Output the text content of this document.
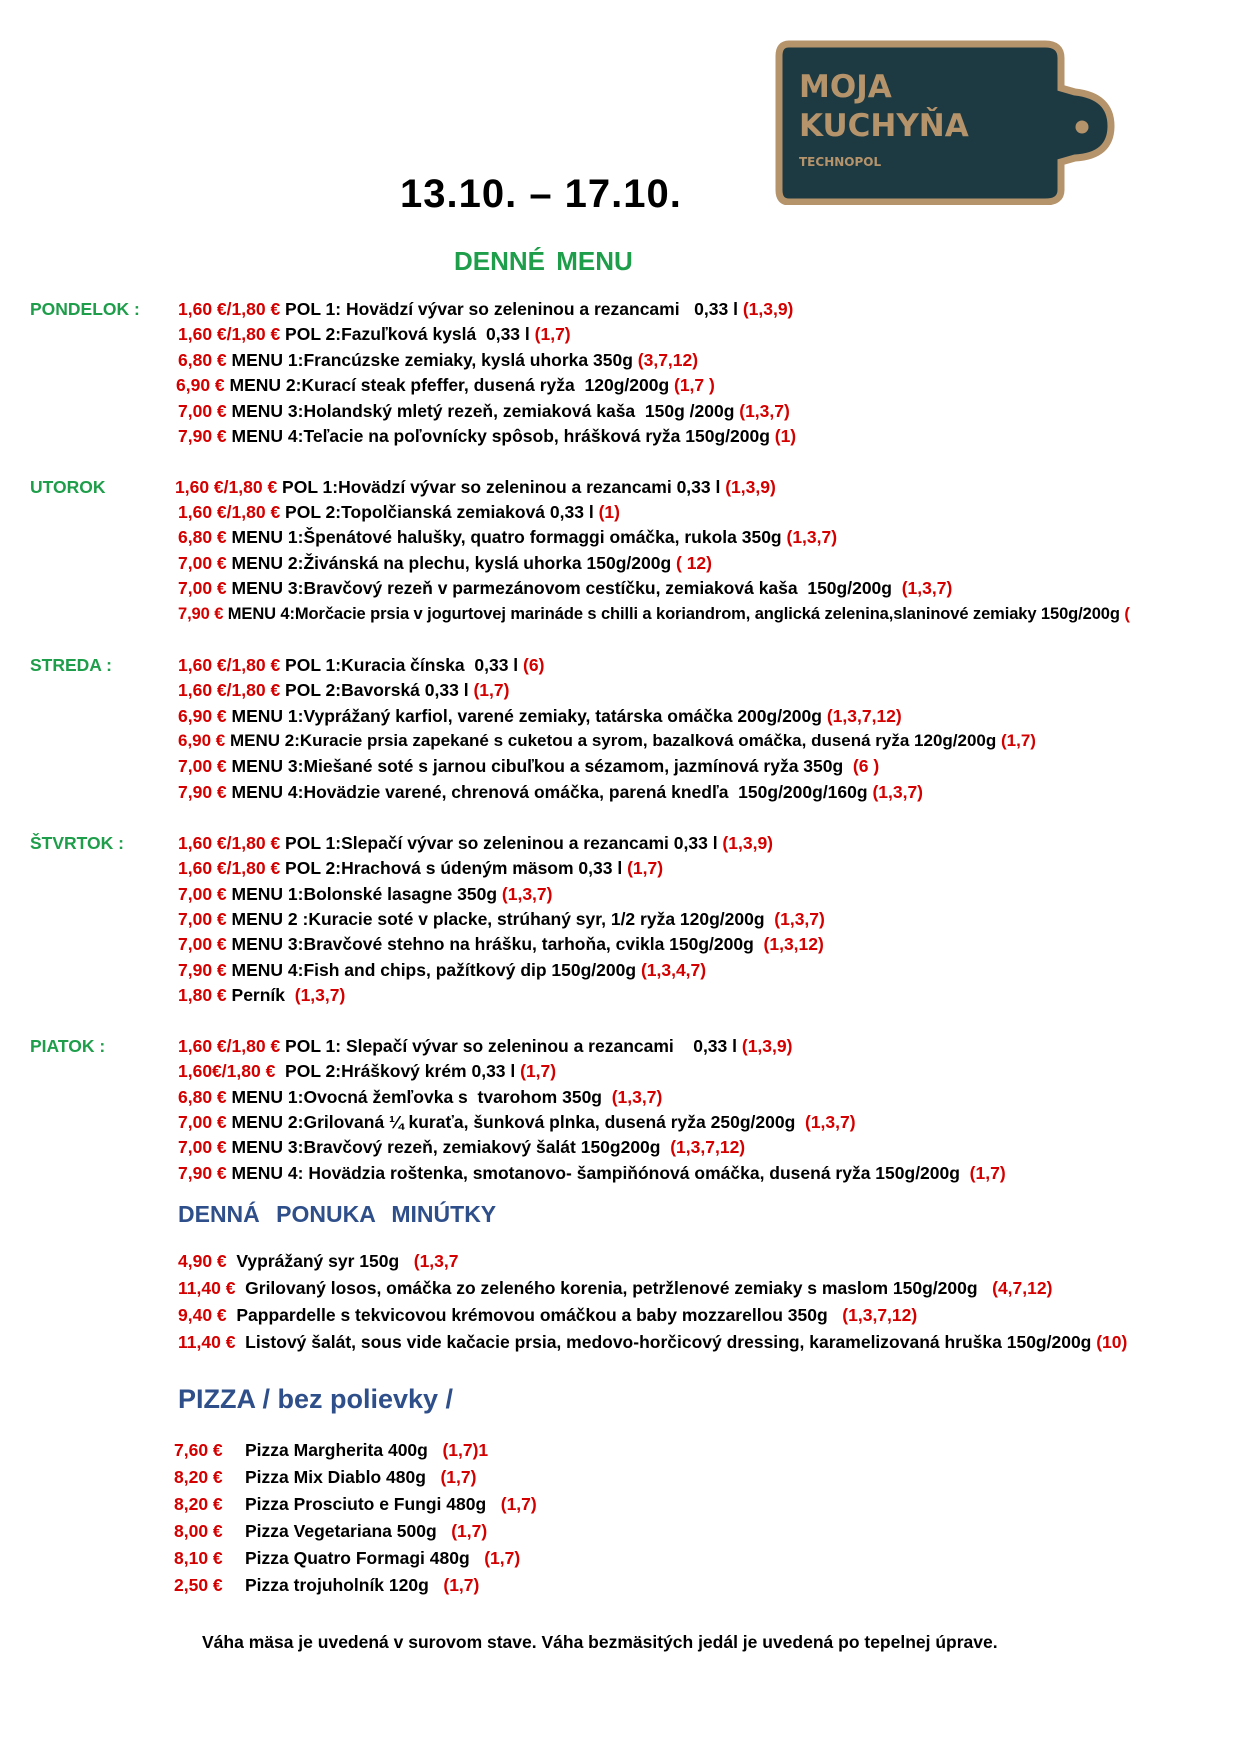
MOJA
KUCHYŇA
TECHNOPOL
13.10. – 17.10.
DENNÉ MENU
PONDELOK : 1,60 €/1,80 € POL 1: Hovädzí vývar so zeleninou a rezancami   0,33 l (1,3,9)
1,60 €/1,80 € POL 2:Fazuľková kyslá  0,33 l (1,7)
6,80 € MENU 1:Francúzske zemiaky, kyslá uhorka 350g (3,7,12)
6,90 € MENU 2:Kurací steak pfeffer, dusená ryža  120g/200g (1,7 )
7,00 € MENU 3:Holandský mletý rezeň, zemiaková kaša  150g /200g (1,3,7)
7,90 € MENU 4:Teľacie na poľovnícky spôsob, hrášková ryža 150g/200g (1)
UTOROK	1,60 €/1,80 € POL 1:Hovädzí vývar so zeleninou a rezancami 0,33 l (1,3,9)
1,60 €/1,80 € POL 2:Topolčianská zemiaková 0,33 l (1)
6,80 € MENU 1:Špenátové halušky, quatro formaggi omáčka, rukola 350g (1,3,7)
7,00 € MENU 2:Živánská na plechu, kyslá uhorka 150g/200g ( 12)
7,00 € MENU 3:Bravčový rezeň v parmezánovom cestíčku, zemiaková kaša  150g/200g  (1,3,7)
7,90 € MENU 4:Morčacie prsia v jogurtovej marináde s chilli a koriandrom, anglická zelenina,slaninové zemiaky 150g/200g (
STREDA :	1,60 €/1,80 € POL 1:Kuracia čínska  0,33 l (6)
1,60 €/1,80 € POL 2:Bavorská 0,33 l (1,7)
6,90 € MENU 1:Vyprážaný karfiol, varené zemiaky, tatárska omáčka 200g/200g (1,3,7,12)
6,90 € MENU 2:Kuracie prsia zapekané s cuketou a syrom, bazalková omáčka, dusená ryža 120g/200g (1,7)
7,00 € MENU 3:Miešané soté s jarnou cibuľkou a sézamom, jazmínová ryža 350g  (6 )
7,90 € MENU 4:Hovädzie varené, chrenová omáčka, parená knedľa  150g/200g/160g (1,3,7)
ŠTVRTOK :	1,60 €/1,80 € POL 1:Slepačí vývar so zeleninou a rezancami 0,33 l (1,3,9)
1,60 €/1,80 € POL 2:Hrachová s údeným mäsom 0,33 l (1,7)
7,00 € MENU 1:Bolonské lasagne 350g (1,3,7)
7,00 € MENU 2 :Kuracie soté v placke, strúhaný syr, 1/2 ryža 120g/200g  (1,3,7)
7,00 € MENU 3:Bravčové stehno na hrášku, tarhoňa, cvikla 150g/200g  (1,3,12)
7,90 € MENU 4:Fish and chips, pažítkový dip 150g/200g (1,3,4,7)
1,80 € Perník  (1,3,7)
PIATOK :	1,60 €/1,80 € POL 1: Slepačí vývar so zeleninou a rezancami    0,33 l (1,3,9)
1,60€/1,80 €  POL 2:Hráškový krém 0,33 l (1,7)
6,80 € MENU 1:Ovocná žemľovka s  tvarohom 350g  (1,3,7)
7,00 € MENU 2:Grilovaná ¼ kuraťa, šunková plnka, dusená ryža 250g/200g  (1,3,7)
7,00 € MENU 3:Bravčový rezeň, zemiakový šalát 150g200g  (1,3,7,12)
7,90 € MENU 4: Hovädzia roštenka, smotanovo- šampiňónová omáčka, dusená ryža 150g/200g  (1,7)
DENNÁ PONUKA MINÚTKY
4,90 €  Vyprážaný syr 150g   (1,3,7
11,40 €  Grilovaný losos, omáčka zo zeleného korenia, petržlenové zemiaky s maslom 150g/200g   (4,7,12)
9,40 €  Pappardelle s tekvicovou krémovou omáčkou a baby mozzarellou 350g   (1,3,7,12)
11,40 €  Listový šalát, sous vide kačacie prsia, medovo-horčicový dressing, karamelizovaná hruška 150g/200g (10)
PIZZA / bez polievky /
7,60 € Pizza Margherita 400g   (1,7)1
8,20 € Pizza Mix Diablo 480g   (1,7)
8,20 € Pizza Prosciuto e Fungi 480g   (1,7)
8,00 € Pizza Vegetariana 500g   (1,7)
8,10 € Pizza Quatro Formagi 480g   (1,7)
2,50 € Pizza trojuholník 120g   (1,7)
Váha mäsa je uvedená v surovom stave. Váha bezmäsitých jedál je uvedená po tepelnej úprave.
